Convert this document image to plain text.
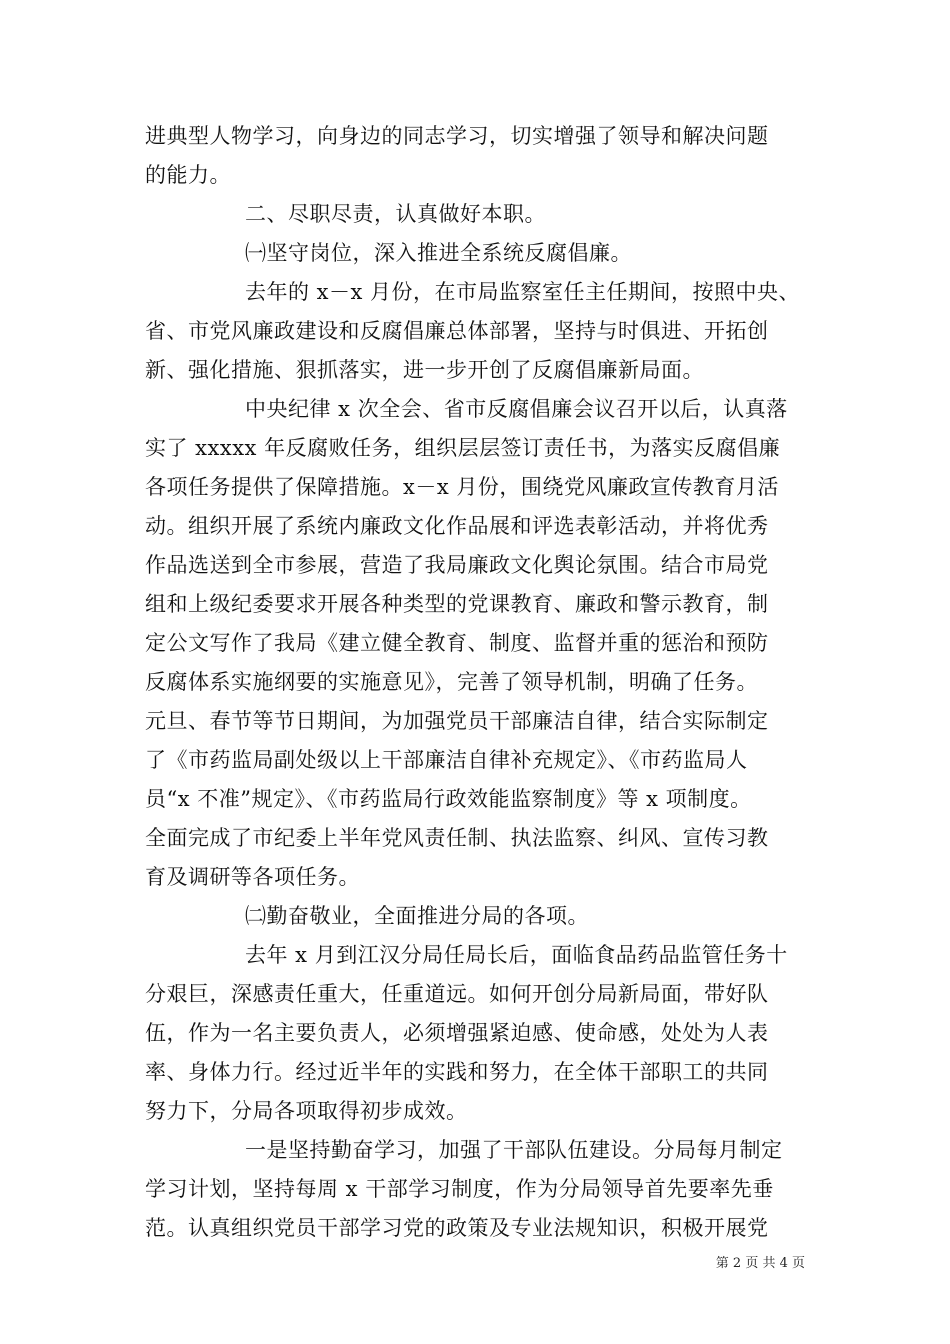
进典型人物学习，向身边的同志学习，切实增强了领导和解决问题
的能力。
二、尽职尽责，认真做好本职。
㈠坚守岗位，深入推进全系统反腐倡廉。
去年的 x－x 月份，在市局监察室任主任期间，按照中央、
省、市党风廉政建设和反腐倡廉总体部署，坚持与时俱进、开拓创
新、强化措施、狠抓落实，进一步开创了反腐倡廉新局面。
中央纪律 x 次全会、省市反腐倡廉会议召开以后，认真落
实了 xxxxx 年反腐败任务，组织层层签订责任书，为落实反腐倡廉
各项任务提供了保障措施。x－x 月份，围绕党风廉政宣传教育月活
动。组织开展了系统内廉政文化作品展和评选表彰活动，并将优秀
作品选送到全市参展，营造了我局廉政文化舆论氛围。结合市局党
组和上级纪委要求开展各种类型的党课教育、廉政和警示教育，制
定公文写作了我局《建立健全教育、制度、监督并重的惩治和预防
反腐体系实施纲要的实施意见》，完善了领导机制，明确了任务。
元旦、春节等节日期间，为加强党员干部廉洁自律，结合实际制定
了《市药监局副处级以上干部廉洁自律补充规定》、《市药监局人
员“x 不准”规定》、《市药监局行政效能监察制度》等 x 项制度。
全面完成了市纪委上半年党风责任制、执法监察、纠风、宣传习教
育及调研等各项任务。
㈡勤奋敬业，全面推进分局的各项。
去年 x 月到江汉分局任局长后，面临食品药品监管任务十
分艰巨，深感责任重大，任重道远。如何开创分局新局面，带好队
伍，作为一名主要负责人，必须增强紧迫感、使命感，处处为人表
率、身体力行。经过近半年的实践和努力，在全体干部职工的共同
努力下，分局各项取得初步成效。
一是坚持勤奋学习，加强了干部队伍建设。分局每月制定
学习计划，坚持每周 x 干部学习制度，作为分局领导首先要率先垂
范。认真组织党员干部学习党的政策及专业法规知识，积极开展党
第 2 页 共 4 页
